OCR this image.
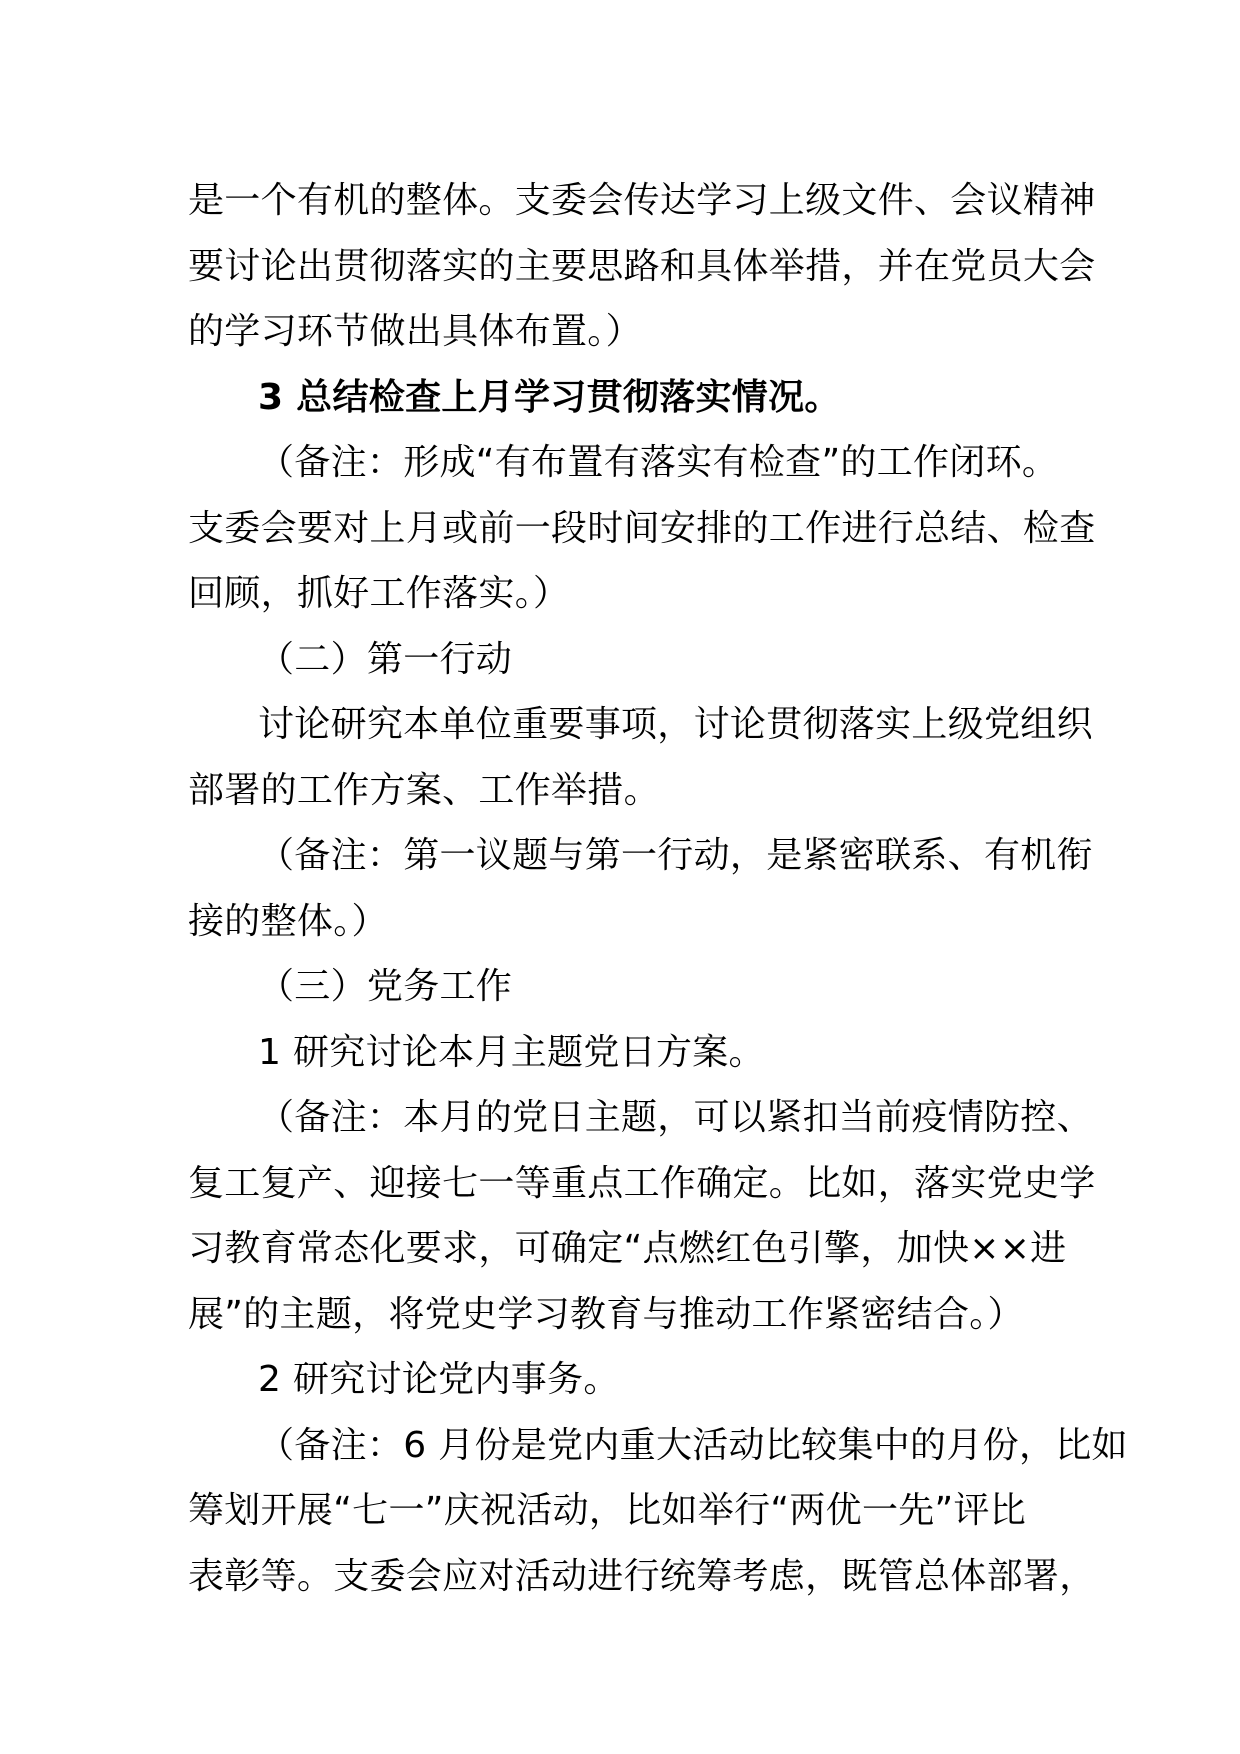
是一个有机的整体。支委会传达学习上级文件、会议精神
要讨论出贯彻落实的主要思路和具体举措，并在党员大会
的学习环节做出具体布置。）
3 总结检查上月学习贯彻落实情况。
（备注：形成“有布置有落实有检查”的工作闭环。
支委会要对上月或前一段时间安排的工作进行总结、检查
回顾，抓好工作落实。）
（二）第一行动
讨论研究本单位重要事项，讨论贯彻落实上级党组织
部署的工作方案、工作举措。
（备注：第一议题与第一行动，是紧密联系、有机衔
接的整体。）
（三）党务工作
1 研究讨论本月主题党日方案。
（备注：本月的党日主题，可以紧扣当前疫情防控、
复工复产、迎接七一等重点工作确定。比如，落实党史学
习教育常态化要求，可确定“点燃红色引擎，加快××进
展”的主题，将党史学习教育与推动工作紧密结合。）
2 研究讨论党内事务。
（备注：6 月份是党内重大活动比较集中的月份，比如
筹划开展“七一”庆祝活动，比如举行“两优一先”评比
表彰等。支委会应对活动进行统筹考虑，既管总体部署，
